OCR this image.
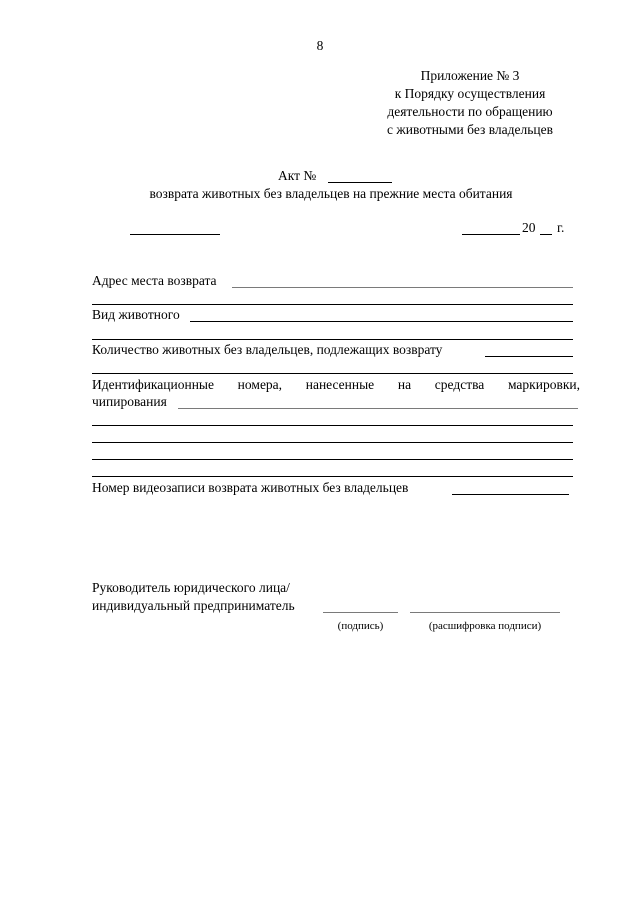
8
Приложение № 3
к Порядку осуществления
деятельности по обращению
с животными без владельцев
Акт №
возврата животных без владельцев на прежние места обитания
20 г.
Адрес места возврата
Вид животного
Количество животных без владельцев, подлежащих возврату
Идентификационные номера, нанесенные на средства маркировки,
чипирования
Номер видеозаписи возврата животных без владельцев
Руководитель юридического лица/
индивидуальный предприниматель
(подпись)	(расшифровка подписи)
